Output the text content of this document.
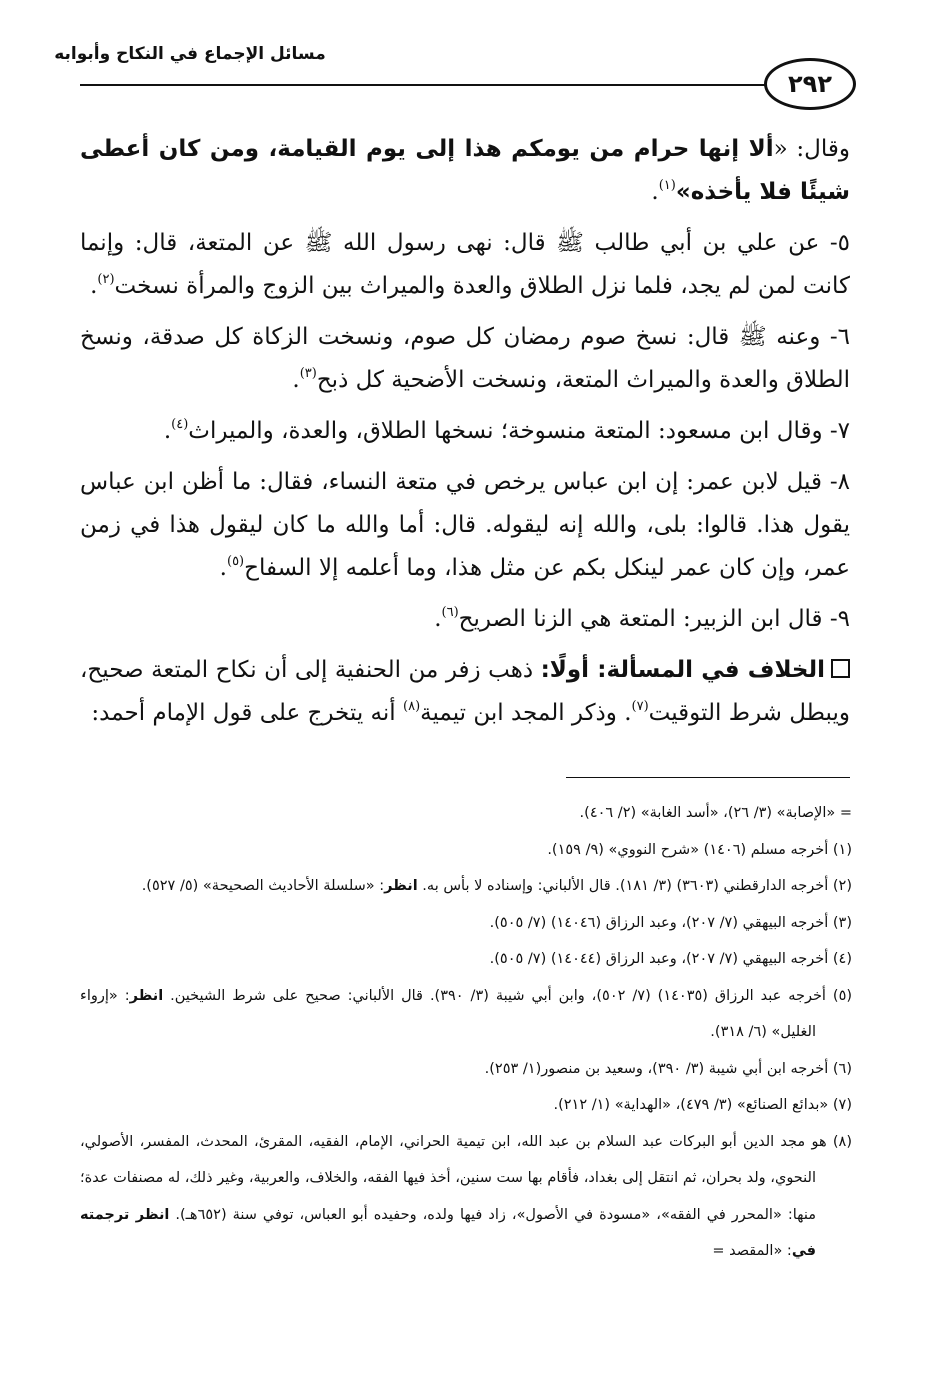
مسائل الإجماع في النكاح وأبوابه
٢٩٢

وقال: «ألا إنها حرام من يومكم هذا إلى يوم القيامة، ومن كان أعطى شيئًا فلا يأخذه»$^{(١)}$.

٥- عن علي بن أبي طالب ﷺ قال: نهى رسول الله ﷺ عن المتعة، قال: وإنما كانت لمن لم يجد، فلما نزل الطلاق والعدة والميراث بين الزوج والمرأة نسخت$^{(٢)}$.

٦- وعنه ﷺ قال: نسخ صوم رمضان كل صوم، ونسخت الزكاة كل صدقة، ونسخ الطلاق والعدة والميراث المتعة، ونسخت الأضحية كل ذبح$^{(٣)}$.

٧- وقال ابن مسعود: المتعة منسوخة؛ نسخها الطلاق، والعدة، والميراث$^{(٤)}$.

٨- قيل لابن عمر: إن ابن عباس يرخص في متعة النساء، فقال: ما أظن ابن عباس يقول هذا. قالوا: بلى، والله إنه ليقوله. قال: أما والله ما كان ليقول هذا في زمن عمر، وإن كان عمر لينكل بكم عن مثل هذا، وما أعلمه إلا السفاح$^{(٥)}$.

٩- قال ابن الزبير: المتعة هي الزنا الصريح$^{(٦)}$.

الخلاف في المسألة: أولًا: ذهب زفر من الحنفية إلى أن نكاح المتعة صحيح، ويبطل شرط التوقيت$^{(٧)}$. وذكر المجد ابن تيمية$^{(٨)}$ أنه يتخرج على قول الإمام أحمد:

= «الإصابة» (٣/ ٢٦)، «أسد الغابة» (٢/ ٤٠٦).

(١) أخرجه مسلم (١٤٠٦) «شرح النووي» (٩/ ١٥٩).

(٢) أخرجه الدارقطني (٣٦٠٣) (٣/ ١٨١). قال الألباني: وإسناده لا بأس به. انظر: «سلسلة الأحاديث الصحيحة» (٥/ ٥٢٧).

(٣) أخرجه البيهقي (٧/ ٢٠٧)، وعبد الرزاق (١٤٠٤٦) (٧/ ٥٠٥).

(٤) أخرجه البيهقي (٧/ ٢٠٧)، وعبد الرزاق (١٤٠٤٤) (٧/ ٥٠٥).

(٥) أخرجه عبد الرزاق (١٤٠٣٥) (٧/ ٥٠٢)، وابن أبي شيبة (٣/ ٣٩٠). قال الألباني: صحيح على شرط الشيخين. انظر: «إرواء الغليل» (٦/ ٣١٨).

(٦) أخرجه ابن أبي شيبة (٣/ ٣٩٠)، وسعيد بن منصور(١/ ٢٥٣).

(٧) «بدائع الصنائع» (٣/ ٤٧٩)، «الهداية» (١/ ٢١٢).

(٨) هو مجد الدين أبو البركات عبد السلام بن عبد الله، ابن تيمية الحراني، الإمام، الفقيه، المقرئ، المحدث، المفسر، الأصولي، النحوي، ولد بحران، ثم انتقل إلى بغداد، فأقام بها ست سنين، أخذ فيها الفقه، والخلاف، والعربية، وغير ذلك، له مصنفات عدة؛ منها: «المحرر في الفقه»، «مسودة في الأصول»، زاد فيها ولده، وحفيده أبو العباس، توفي سنة (٦٥٢هـ). انظر ترجمته في: «المقصد =
